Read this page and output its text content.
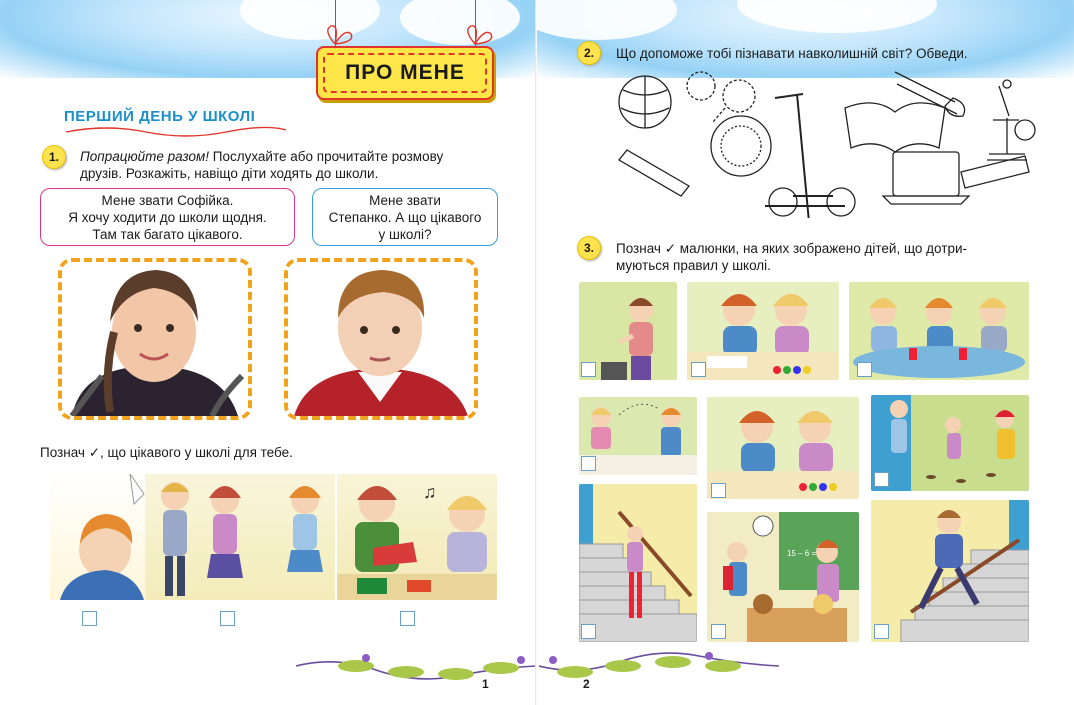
ПРО МЕНЕ
ПЕРШИЙ ДЕНЬ У ШКОЛІ
1.	Попрацюйте разом! Послухайте або прочитайте розмову
друзів. Розкажіть, навіщо діти ходять до школи.
Мене звати Софійка.
Я хочу ходити до школи щодня.
Там так багато цікавого.
Мене звати
Степанко. А що цікавого
у школі?
Познач ✓, що цікавого у школі для тебе.
♫
1
2.	Що допоможе тобі пізнавати навколишній світ? Обведи.
3.	Познач ✓ малюнки, на яких зображено дітей, що дотри-
муються правил у школі.
15 – 6 =
2
